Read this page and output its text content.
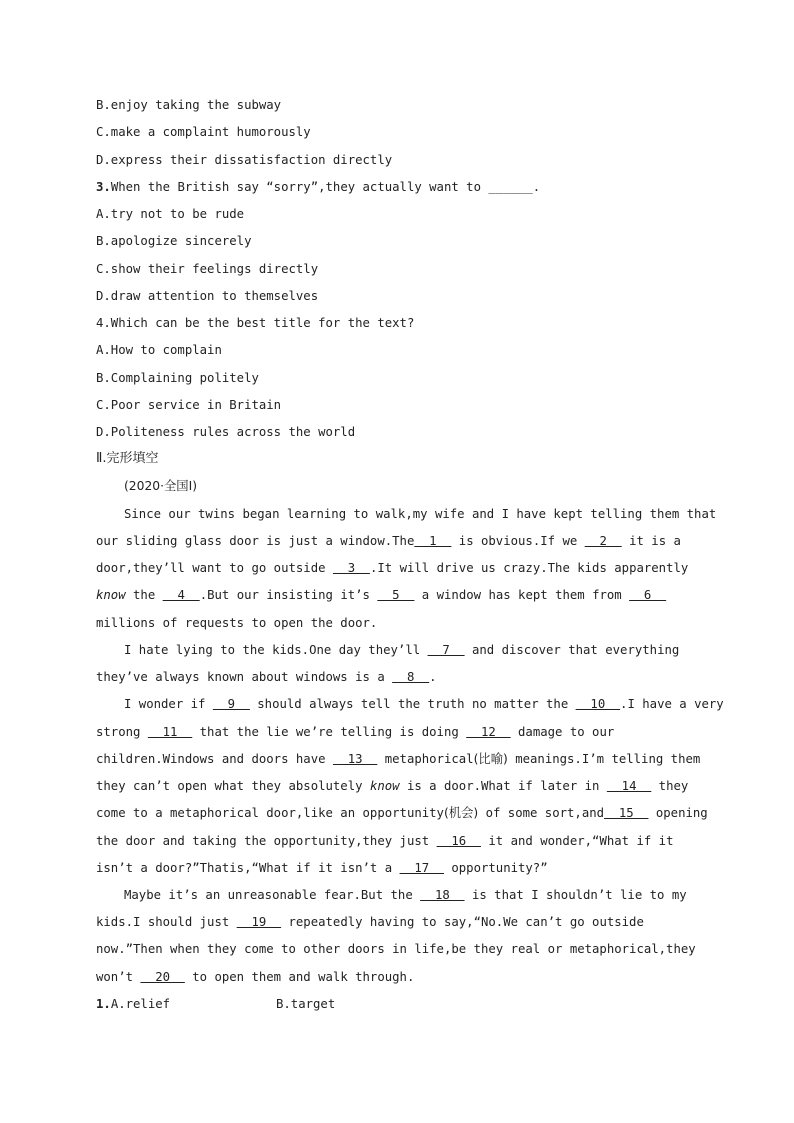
B.enjoy taking the subway
C.make a complaint humorously
D.express their dissatisfaction directly
3.When the British say “sorry”,they actually want to ______.
A.try not to be rude
B.apologize sincerely
C.show their feelings directly
D.draw attention to themselves
4.Which can be the best title for the text?
A.How to complain
B.Complaining politely
C.Poor service in Britain
D.Politeness rules across the world
Ⅱ.完形填空
(2020·全国Ⅰ)
Since our twins began learning to walk,my wife and I have kept telling them that
our sliding glass door is just a window.The  1   is obvious.If we   2   it is a
door,they’ll want to go outside   3  .It will drive us crazy.The kids apparently
know the   4  .But our insisting it’s   5   a window has kept them from   6
millions of requests to open the door.
I hate lying to the kids.One day they’ll   7   and discover that everything
they’ve always known about windows is a   8  .
I wonder if   9   should always tell the truth no matter the   10  .I have a very
strong   11   that the lie we’re telling is doing   12   damage to our
children.Windows and doors have   13   metaphorical(比喻) meanings.I’m telling them
they can’t open what they absolutely know is a door.What if later in   14   they
come to a metaphorical door,like an opportunity(机会) of some sort,and  15   opening
the door and taking the opportunity,they just   16   it and wonder,“What if it
isn’t a door?”Thatis,“What if it isn’t a   17   opportunity?”
Maybe it’s an unreasonable fear.But the   18   is that I shouldn’t lie to my
kids.I should just   19   repeatedly having to say,“No.We can’t go outside
now.”Then when they come to other doors in life,be they real or metaphorical,they
won’t   20   to open them and walk through.
1.A.relief	B.target
